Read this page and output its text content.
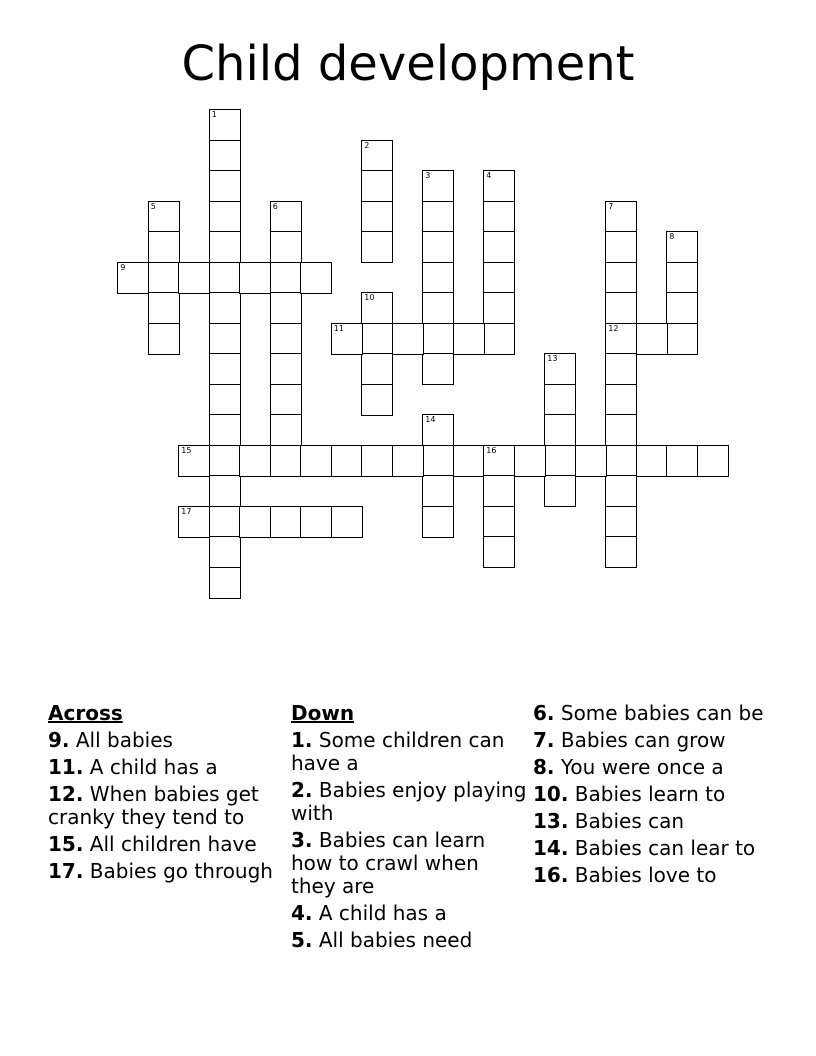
Child development
1
2
3	4
5	6	7
12
8
9
10
11
13
14
15	16
17
Across
9. All babies
11. A child has a
12. When babies get cranky they tend to
15. All children have
17. Babies go through
Down
1. Some children can have a
2. Babies enjoy playing with
3. Babies can learn how to crawl when they are
4. A child has a
5. All babies need
6. Some babies can be
7. Babies can grow
8. You were once a
10. Babies learn to
13. Babies can
14. Babies can lear to
16. Babies love to
